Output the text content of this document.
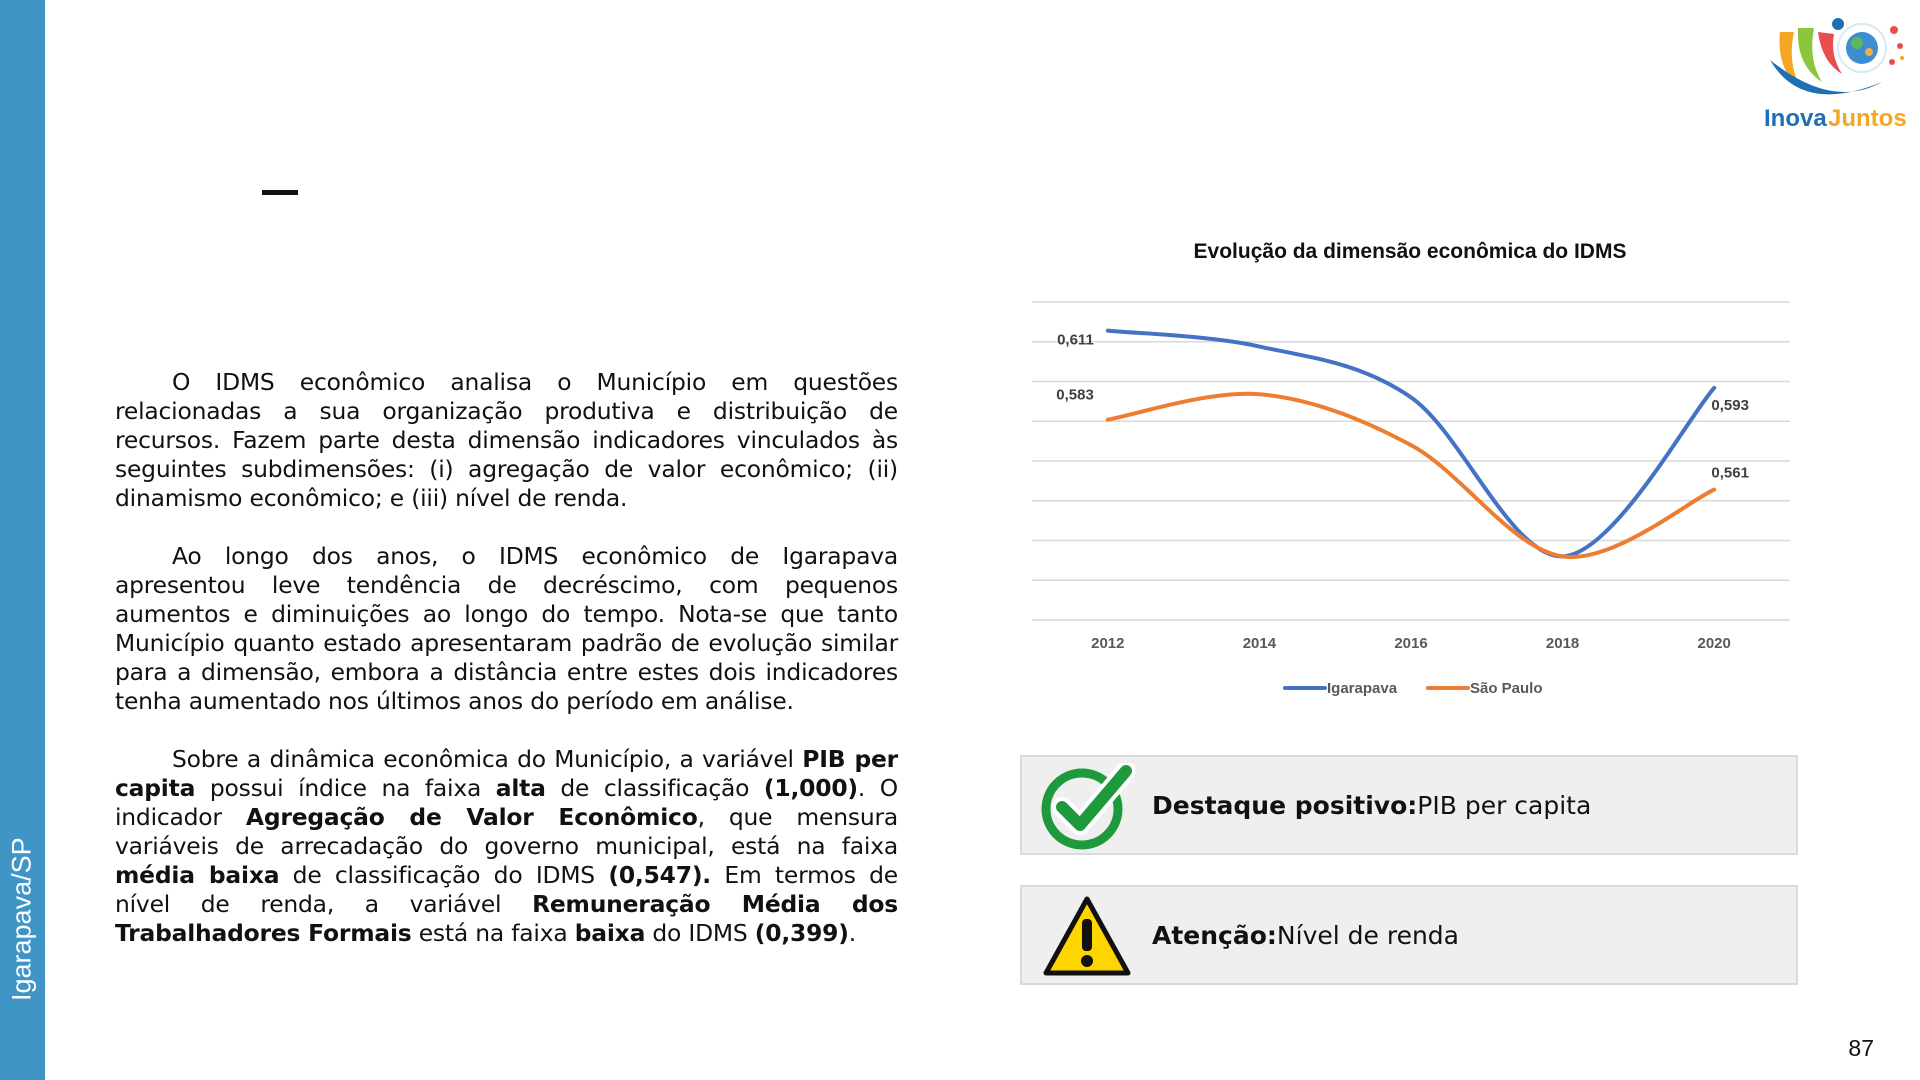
Igarapava/SP
Inova Juntos

O IDMS econômico analisa o Município em questões relacionadas a sua organização produtiva e distribuição de recursos. Fazem parte desta dimensão indicadores vinculados às seguintes subdimensões: (i) agregação de valor econômico; (ii) dinamismo econômico; e (iii) nível de renda.

Ao longo dos anos, o IDMS econômico de Igarapava apresentou leve tendência de decréscimo, com pequenos aumentos e diminuições ao longo do tempo. Nota-se que tanto Município quanto estado apresentaram padrão de evolução similar para a dimensão, embora a distância entre estes dois indicadores tenha aumentado nos últimos anos do período em análise.

Sobre a dinâmica econômica do Município, a variável PIB per capita possui índice na faixa alta de classificação (1,000). O indicador Agregação de Valor Econômico, que mensura variáveis de arrecadação do governo municipal, está na faixa média baixa de classificação do IDMS (0,547). Em termos de nível de renda, a variável Remuneração Média dos Trabalhadores Formais está na faixa baixa do IDMS (0,399).

Evolução da dimensão econômica do IDMS
2012	2014	2016	2018	2020
0,611
0,593
0,583
0,561
Igarapava	São Paulo
Destaque positivo: PIB per capita
Atenção: Nível de renda
87
